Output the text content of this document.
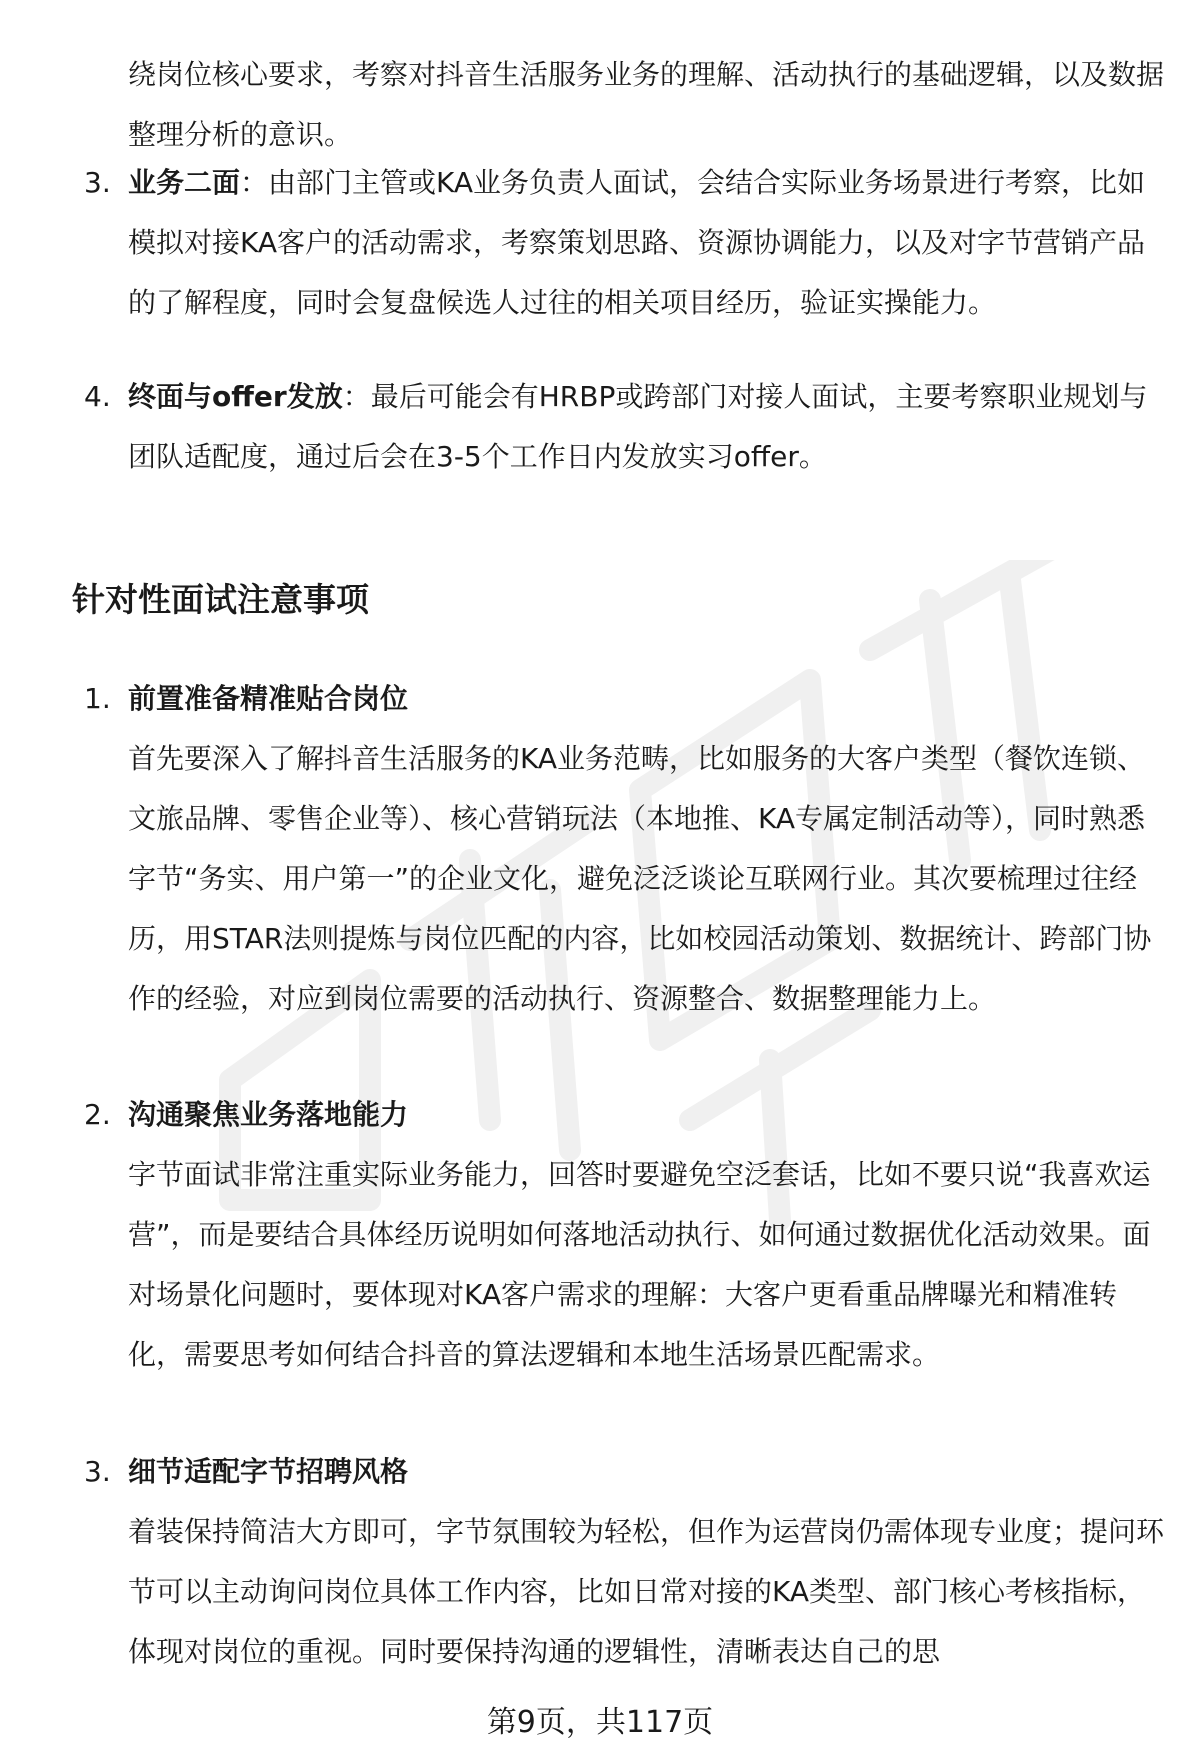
绕岗位核心要求，考察对抖音生活服务业务的理解、活动执行的基础逻辑，以及数据整理分析的意识。

3. 业务二面：由部门主管或KA业务负责人面试，会结合实际业务场景进行考察，比如模拟对接KA客户的活动需求，考察策划思路、资源协调能力，以及对字节营销产品的了解程度，同时会复盘候选人过往的相关项目经历，验证实操能力。

4. 终面与offer发放：最后可能会有HRBP或跨部门对接人面试，主要考察职业规划与团队适配度，通过后会在3-5个工作日内发放实习offer。

针对性面试注意事项
1. 前置准备精准贴合岗位

首先要深入了解抖音生活服务的KA业务范畴，比如服务的大客户类型（餐饮连锁、文旅品牌、零售企业等）、核心营销玩法（本地推、KA专属定制活动等），同时熟悉字节“务实、用户第一”的企业文化，避免泛泛谈论互联网行业。其次要梳理过往经历，用STAR法则提炼与岗位匹配的内容，比如校园活动策划、数据统计、跨部门协作的经验，对应到岗位需要的活动执行、资源整合、数据整理能力上。

2. 沟通聚焦业务落地能力

字节面试非常注重实际业务能力，回答时要避免空泛套话，比如不要只说“我喜欢运营”，而是要结合具体经历说明如何落地活动执行、如何通过数据优化活动效果。面对场景化问题时，要体现对KA客户需求的理解：大客户更看重品牌曝光和精准转化，需要思考如何结合抖音的算法逻辑和本地生活场景匹配需求。

3. 细节适配字节招聘风格

着装保持简洁大方即可，字节氛围较为轻松，但作为运营岗仍需体现专业度；提问环节可以主动询问岗位具体工作内容，比如日常对接的KA类型、部门核心考核指标，体现对岗位的重视。同时要保持沟通的逻辑性，清晰表达自己的思

第9页，共117页
